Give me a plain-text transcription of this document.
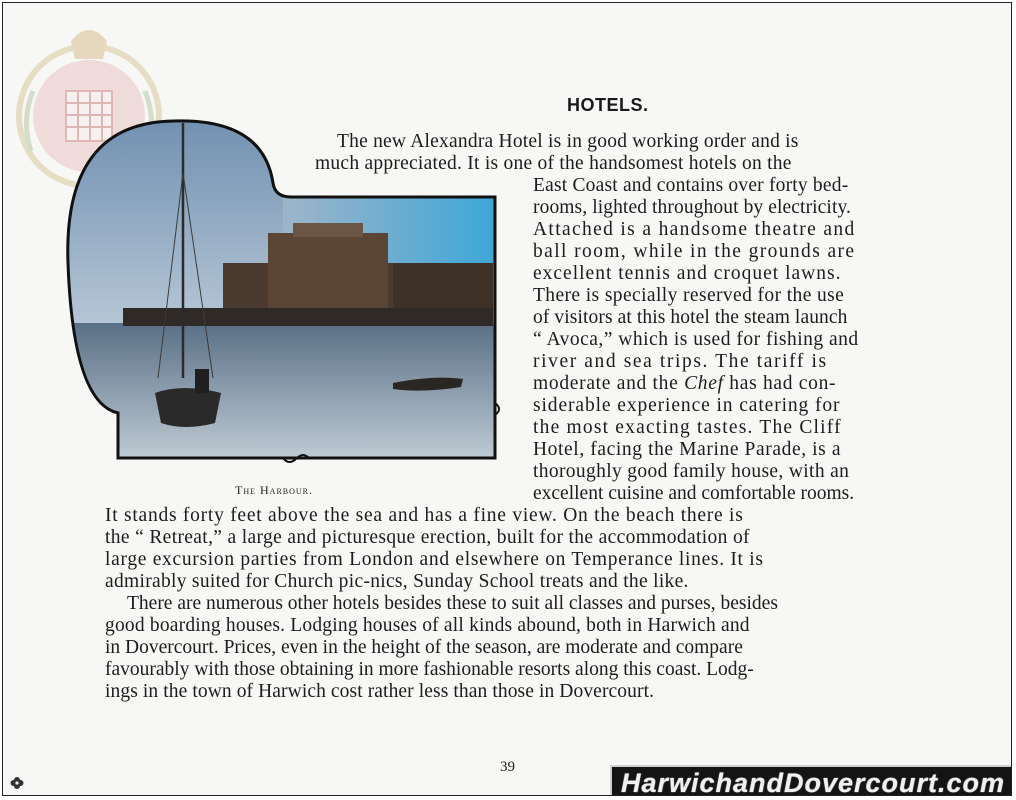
HOTELS.
The Harbour.
The new Alexandra Hotel is in good working order and is
much appreciated. It is one of the handsomest hotels on the
East Coast and contains over forty bed-
rooms, lighted throughout by electricity.
Attached is a handsome theatre and
ball room, while in the grounds are
excellent tennis and croquet lawns.
There is specially reserved for the use
of visitors at this hotel the steam launch
“ Avoca,” which is used for fishing and
river and sea trips. The tariff is
moderate and the Chef has had con-
siderable experience in catering for
the most exacting tastes. The Cliff
Hotel, facing the Marine Parade, is a
thoroughly good family house, with an
excellent cuisine and comfortable rooms.
It stands forty feet above the sea and has a fine view. On the beach there is
the “ Retreat,” a large and picturesque erection, built for the accommodation of
large excursion parties from London and elsewhere on Temperance lines. It is
admirably suited for Church pic-nics, Sunday School treats and the like.
There are numerous other hotels besides these to suit all classes and purses, besides
good boarding houses. Lodging houses of all kinds abound, both in Harwich and
in Dovercourt. Prices, even in the height of the season, are moderate and compare
favourably with those obtaining in more fashionable resorts along this coast. Lodg-
ings in the town of Harwich cost rather less than those in Dovercourt.
39
HarwichandDovercourt.com
